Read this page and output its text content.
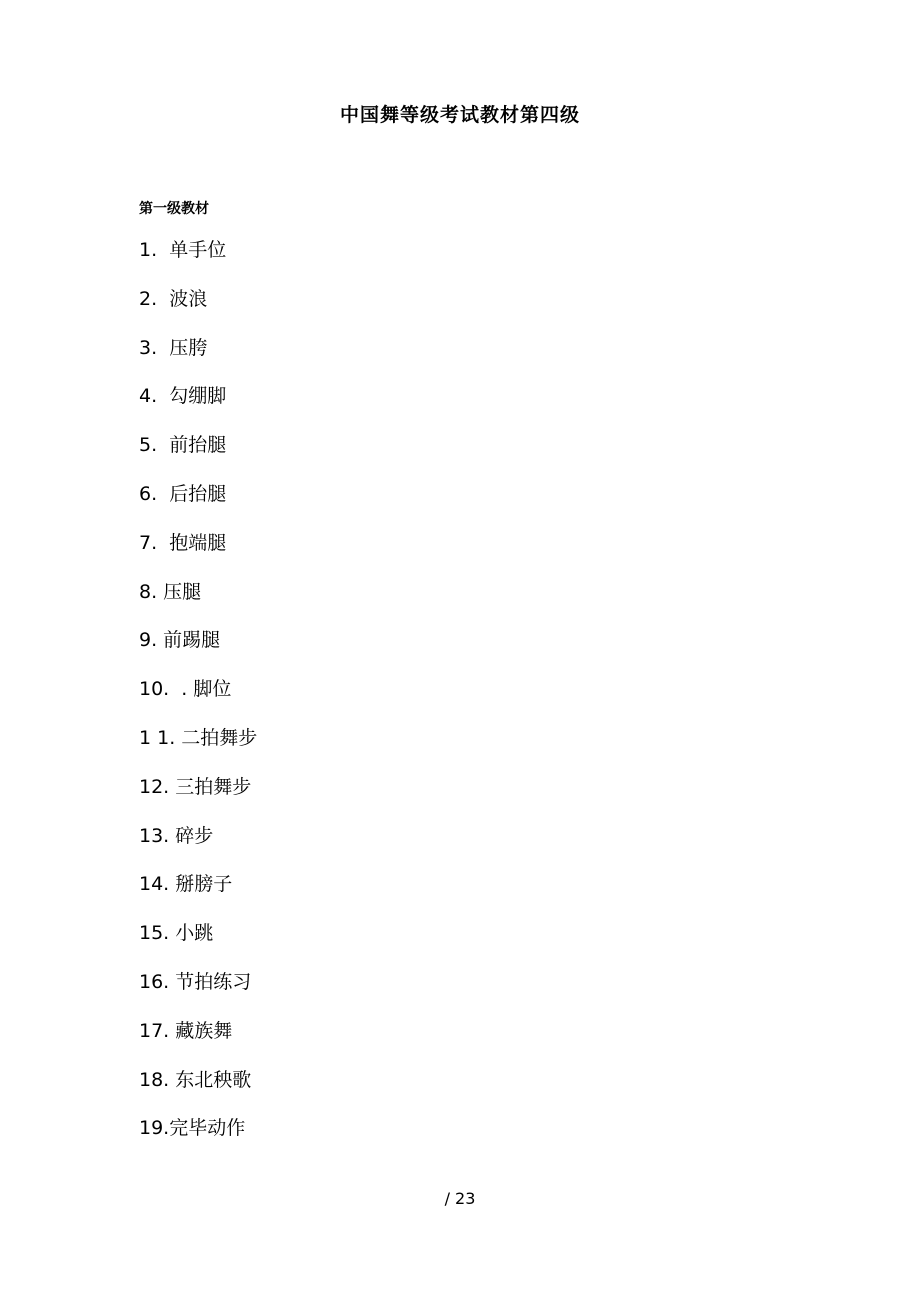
中国舞等级考试教材第四级
第一级教材
1.  单手位
2.  波浪
3.  压胯
4.  勾绷脚
5.  前抬腿
6.  后抬腿
7.  抱端腿
8. 压腿
9. 前踢腿
10.  . 脚位
1 1. 二拍舞步
12. 三拍舞步
13. 碎步
14. 掰膀子
15. 小跳
16. 节拍练习
17. 藏族舞
18. 东北秧歌
19.完毕动作
/ 23
